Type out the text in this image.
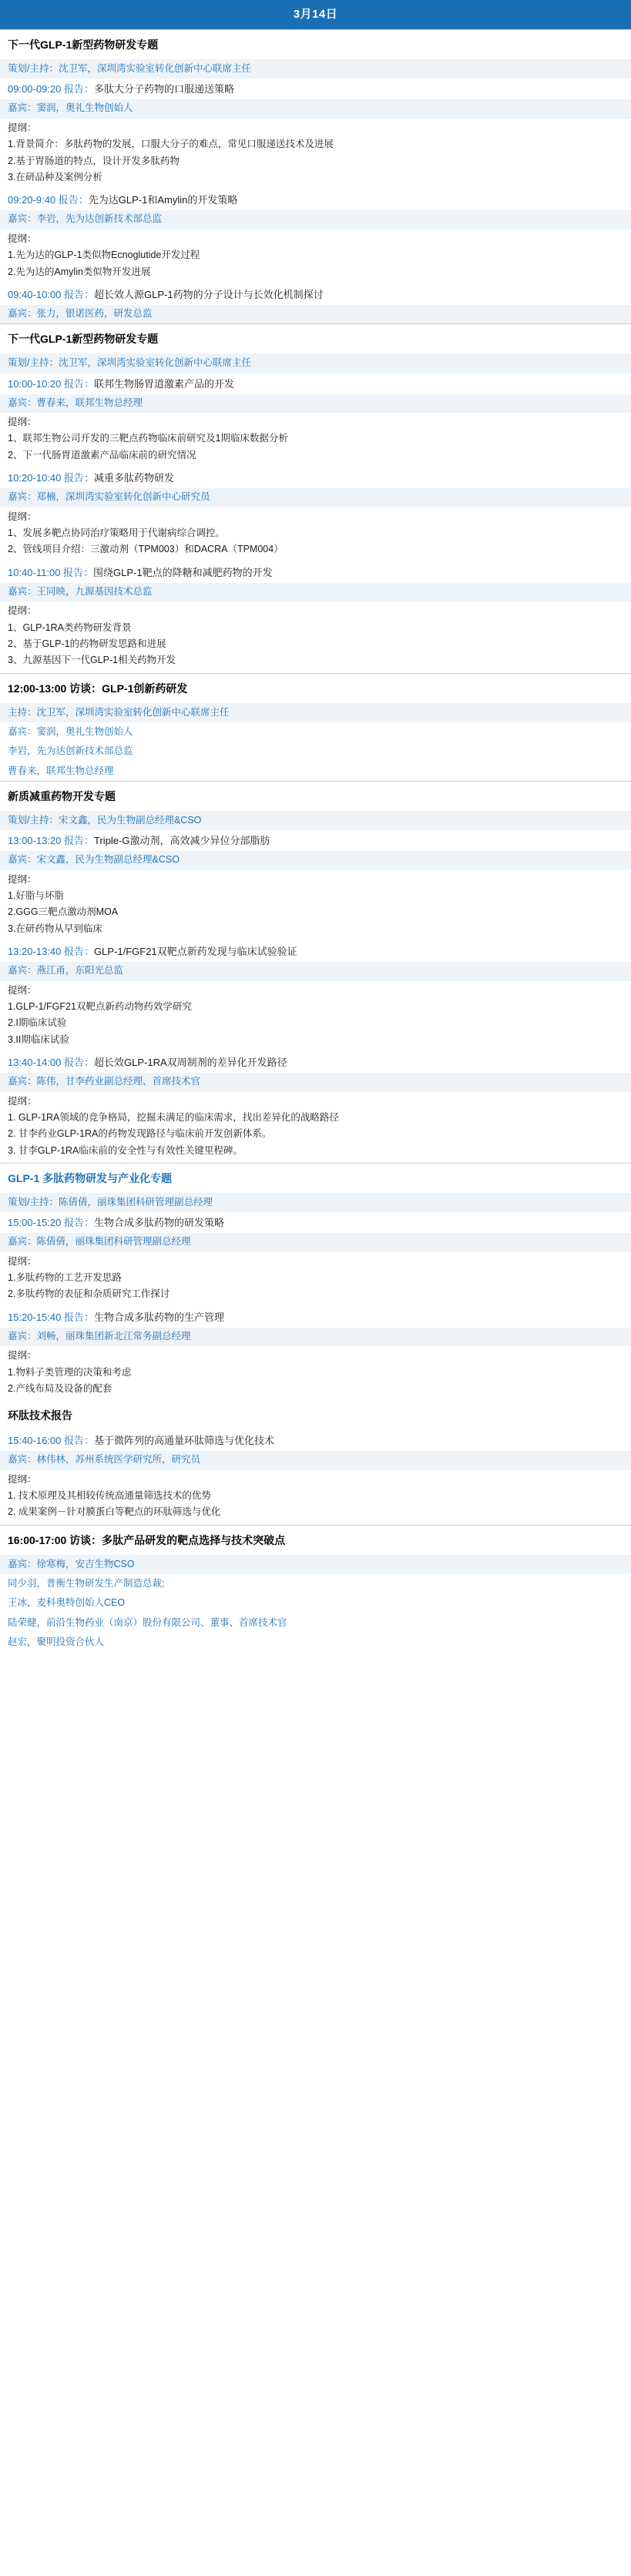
3月14日
下一代GLP-1新型药物研发专题
策划/主持：沈卫军，深圳湾实验室转化创新中心联席主任
09:00-09:20 报告：多肽大分子药物的口服递送策略
嘉宾：窦润，奥礼生物创始人
提纲：
1.背景简介：多肽药物的发展，口服大分子的难点，常见口服递送技术及进展
2.基于胃肠道的特点，设计开发多肽药物
3.在研品种及案例分析
09:20-9:40 报告：先为达GLP-1和Amylin的开发策略
嘉宾：李岩，先为达创新技术部总监
提纲：
1.先为达的GLP-1类似物Ecnoglutide开发过程
2.先为达的Amylin类似物开发进展
09:40-10:00 报告：超长效人源GLP-1药物的分子设计与长效化机制探讨
嘉宾：张力，银诺医药，研发总监
下一代GLP-1新型药物研发专题
策划/主持：沈卫军，深圳湾实验室转化创新中心联席主任
10:00-10:20 报告：联邦生物肠胃道激素产品的开发
嘉宾：曹春来，联邦生物总经理
提纲：
1、联邦生物公司开发的三靶点药物临床前研究及1期临床数据分析
2、下一代肠胃道激素产品临床前的研究情况
10:20-10:40 报告：减重多肽药物研发
嘉宾：郑楠，深圳湾实验室转化创新中心研究员
提纲：
1、发展多靶点协同治疗策略用于代谢病综合调控。
2、管线项目介绍：三激动剂（TPM003）和DACRA（TPM004）
10:40-11:00 报告：围绕GLP-1靶点的降糖和减肥药物的开发
嘉宾：王同映，九源基因技术总监
提纲：
1、GLP-1RA类药物研发背景
2、基于GLP-1的药物研发思路和进展
3、九源基因下一代GLP-1相关药物开发
12:00-13:00 访谈：GLP-1创新药研发
主持：沈卫军，深圳湾实验室转化创新中心联席主任
嘉宾：窦润，奥礼生物创始人
李岩，先为达创新技术部总监
曹春来，联邦生物总经理
新质减重药物开发专题
策划/主持：宋文鑫，民为生物副总经理&CSO
13:00-13:20 报告：Triple-G激动剂，高效减少异位分部脂肪
嘉宾：宋文鑫，民为生物副总经理&CSO
提纲：
1.好脂与坏脂
2.GGG三靶点激动剂MOA
3.在研药物从早到临床
13:20-13:40 报告：GLP-1/FGF21双靶点新药发现与临床试验验证
嘉宾：燕江甬，东阳光总监
提纲：
1.GLP-1/FGF21双靶点新药动物药效学研究
2.I期临床试验
3.II期临床试验
13:40-14:00 报告：超长效GLP-1RA双周制剂的差异化开发路径
嘉宾：陈伟，甘李药业副总经理、首席技术官
提纲：
1. GLP-1RA领域的竞争格局，挖掘未满足的临床需求，找出差异化的战略路径
2. 甘李药业GLP-1RA的药物发现路径与临床前开发创新体系。
3. 甘李GLP-1RA临床前的安全性与有效性关键里程碑。
GLP-1 多肽药物研发与产业化专题
策划/主持：陈倩倩，丽珠集团科研管理副总经理
15:00-15:20 报告：生物合成多肽药物的研发策略
嘉宾：陈倩倩，丽珠集团科研管理副总经理
提纲：
1.多肽药物的工艺开发思路
2.多肽药物的表征和杂质研究工作探讨
15:20-15:40 报告：生物合成多肽药物的生产管理
嘉宾：刘畅，丽珠集团新北江常务副总经理
提纲：
1.物料子类管理的决策和考虑
2.产线布局及设备的配套
环肽技术报告
15:40-16:00 报告：基于微阵列的高通量环肽筛选与优化技术
嘉宾：林伟林，苏州系统医学研究所，研究员
提纲：
1. 技术原理及其相较传统高通量筛选技术的优势
2. 成果案例－针对膜蛋白等靶点的环肽筛选与优化
16:00-17:00 访谈：多肽产品研发的靶点选择与技术突破点
嘉宾：徐寒梅，安吉生物CSO
同少羽，普衡生物研发生产制造总裁;
王冰，麦科奥特创始人CEO
陆荣健，前沿生物药业（南京）股份有限公司、董事、首席技术官
赵宏，聚明投资合伙人
